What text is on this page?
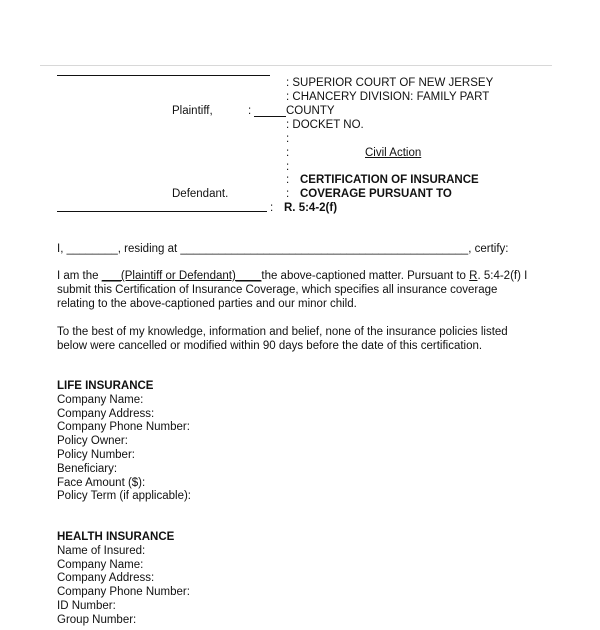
Plaintiff,	:
Defendant.
:
: SUPERIOR COURT OF NEW JERSEY
: CHANCERY DIVISION: FAMILY PART
COUNTY
: DOCKET NO.
:
:	Civil Action
:
: CERTIFICATION OF INSURANCE
: COVERAGE PURSUANT TO
R. 5:4-2(f)
I, ________, residing at _____________________________________________, certify:
I am the ___(Plaintiff or Defendant)____the above-captioned matter. Pursuant to R. 5:4-2(f) I submit this Certification of Insurance Coverage, which specifies all insurance coverage relating to the above-captioned parties and our minor child.
To the best of my knowledge, information and belief, none of the insurance policies listed below were cancelled or modified within 90 days before the date of this certification.
LIFE INSURANCE
Company Name:
Company Address:
Company Phone Number:
Policy Owner:
Policy Number:
Beneficiary:
Face Amount ($):
Policy Term (if applicable):
HEALTH INSURANCE
Name of Insured:
Company Name:
Company Address:
Company Phone Number:
ID Number:
Group Number:
